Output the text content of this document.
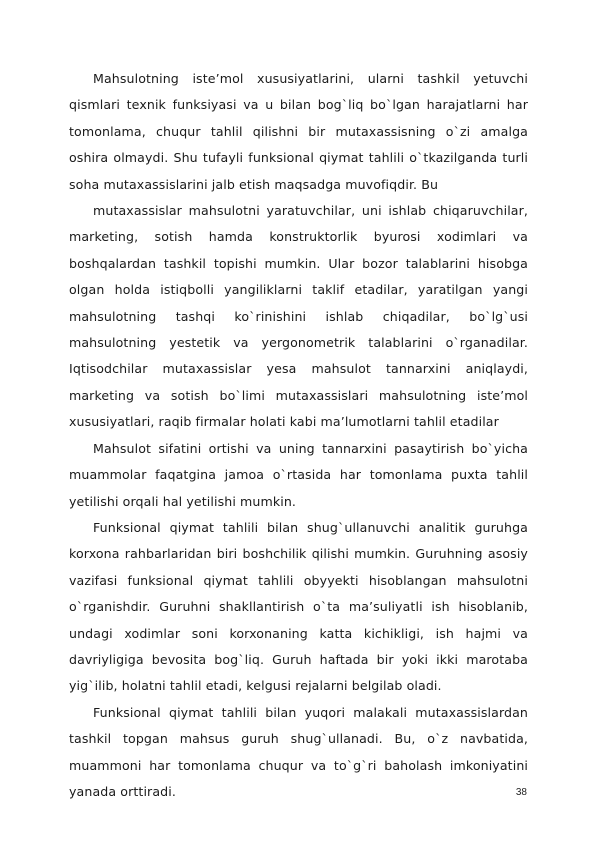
Mahsulotning iste’mol xususiyatlarini, ularni tashkil yetuvchi qismlari texnik funksiyasi va u bilan bog`liq bo`lgan harajatlarni har tomonlama, chuqur tahlil qilishni bir mutaxassisning o`zi amalga oshira olmaydi. Shu tufayli funksional qiymat tahlili o`tkazilganda turli soha mutaxassislarini jalb etish maqsadga muvofiqdir. Bu

mutaxassislar mahsulotni yaratuvchilar, uni ishlab chiqaruvchilar, marketing, sotish hamda konstruktorlik byurosi xodimlari va boshqalardan tashkil topishi mumkin. Ular bozor talablarini hisobga olgan holda istiqbolli yangiliklarni taklif etadilar, yaratilgan yangi mahsulotning tashqi ko`rinishini ishlab chiqadilar, bo`lg`usi mahsulotning yestetik va yergonometrik talablarini o`rganadilar. Iqtisodchilar mutaxassislar yesa mahsulot tannarxini aniqlaydi, marketing va sotish bo`limi mutaxassislari mahsulotning iste’mol xususiyatlari, raqib firmalar holati kabi ma’lumotlarni tahlil etadilar

Mahsulot sifatini ortishi va uning tannarxini pasaytirish bo`yicha muammolar faqatgina jamoa o`rtasida har tomonlama puxta tahlil yetilishi orqali hal yetilishi mumkin.

Funksional qiymat tahlili bilan shug`ullanuvchi analitik guruhga korxona rahbarlaridan biri boshchilik qilishi mumkin. Guruhning asosiy vazifasi funksional qiymat tahlili obyyekti hisoblangan mahsulotni o`rganishdir. Guruhni shakllantirish o`ta ma’suliyatli ish hisoblanib, undagi xodimlar soni korxonaning katta kichikligi, ish hajmi va davriyligiga bevosita bog`liq. Guruh haftada bir yoki ikki marotaba yig`ilib, holatni tahlil etadi, kelgusi rejalarni belgilab oladi.

Funksional qiymat tahlili bilan yuqori malakali mutaxassislardan tashkil topgan mahsus guruh shug`ullanadi. Bu, o`z navbatida, muammoni har tomonlama chuqur va to`g`ri baholash imkoniyatini yanada orttiradi.	38
